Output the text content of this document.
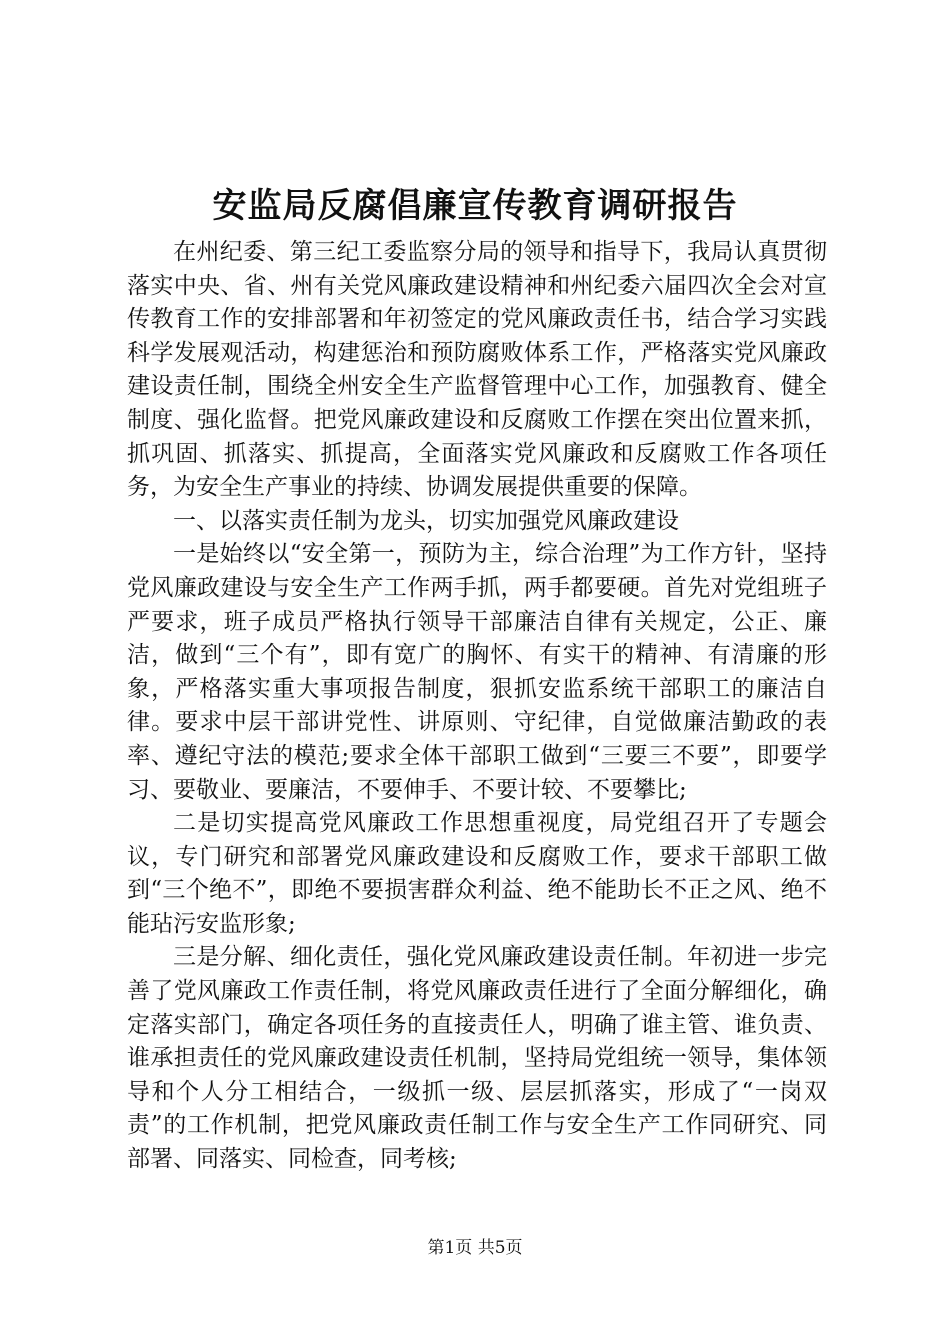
安监局反腐倡廉宣传教育调研报告

在州纪委、第三纪工委监察分局的领导和指导下，我局认真贯彻落实中央、省、州有关党风廉政建设精神和州纪委六届四次全会对宣传教育工作的安排部署和年初签定的党风廉政责任书，结合学习实践科学发展观活动，构建惩治和预防腐败体系工作，严格落实党风廉政建设责任制，围绕全州安全生产监督管理中心工作，加强教育、健全制度、强化监督。把党风廉政建设和反腐败工作摆在突出位置来抓，抓巩固、抓落实、抓提高，全面落实党风廉政和反腐败工作各项任务，为安全生产事业的持续、协调发展提供重要的保障。

一、以落实责任制为龙头，切实加强党风廉政建设

一是始终以“安全第一，预防为主，综合治理”为工作方针，坚持党风廉政建设与安全生产工作两手抓，两手都要硬。首先对党组班子严要求，班子成员严格执行领导干部廉洁自律有关规定，公正、廉洁，做到“三个有”，即有宽广的胸怀、有实干的精神、有清廉的形象，严格落实重大事项报告制度，狠抓安监系统干部职工的廉洁自律。要求中层干部讲党性、讲原则、守纪律，自觉做廉洁勤政的表率、遵纪守法的模范;要求全体干部职工做到“三要三不要”，即要学习、要敬业、要廉洁，不要伸手、不要计较、不要攀比;

二是切实提高党风廉政工作思想重视度，局党组召开了专题会议，专门研究和部署党风廉政建设和反腐败工作，要求干部职工做到“三个绝不”，即绝不要损害群众利益、绝不能助长不正之风、绝不能玷污安监形象;

三是分解、细化责任，强化党风廉政建设责任制。年初进一步完善了党风廉政工作责任制，将党风廉政责任进行了全面分解细化，确定落实部门，确定各项任务的直接责任人，明确了谁主管、谁负责、谁承担责任的党风廉政建设责任机制，坚持局党组统一领导，集体领导和个人分工相结合，一级抓一级、层层抓落实，形成了“一岗双责”的工作机制，把党风廉政责任制工作与安全生产工作同研究、同部署、同落实、同检查，同考核;

第1页 共5页
